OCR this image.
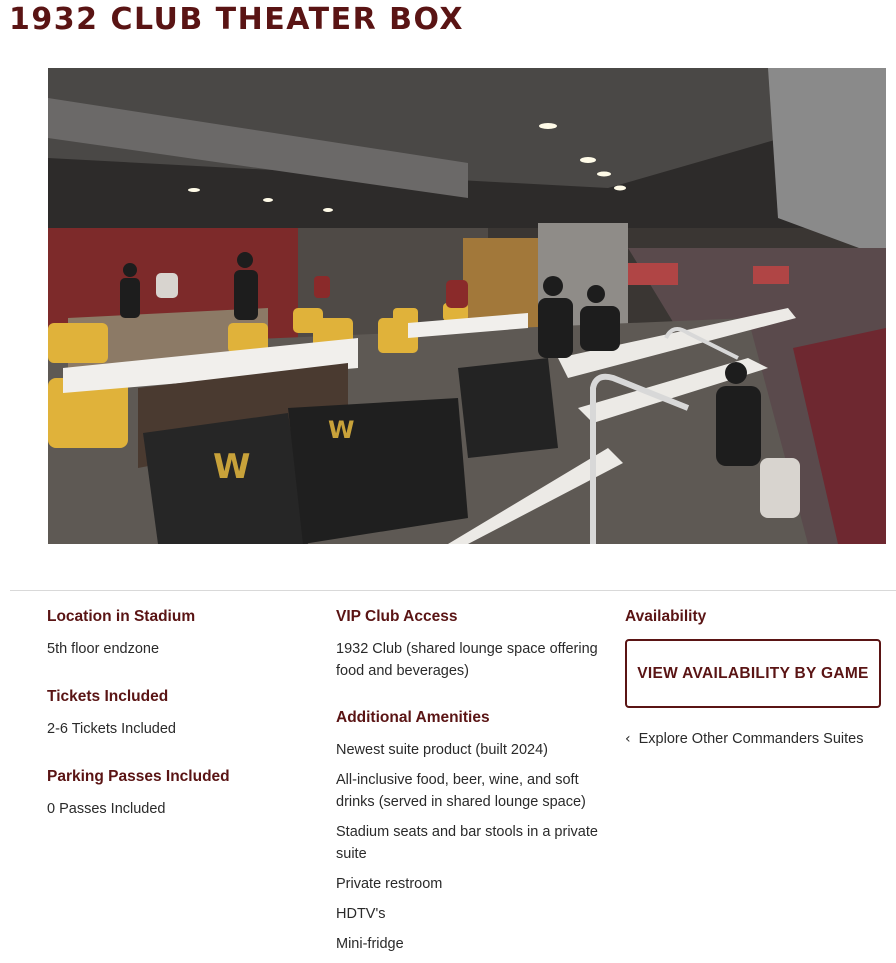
1932 CLUB THEATER BOX
W
W

Location in Stadium

5th floor endzone

Tickets Included

2-6 Tickets Included

Parking Passes Included

0 Passes Included

VIP Club Access

1932 Club (shared lounge space offering food and beverages)

Additional Amenities

Newest suite product (built 2024)
All-inclusive food, beer, wine, and soft drinks (served in shared lounge space)
Stadium seats and bar stools in a private suite
Private restroom
HDTV's
Mini-fridge

Availability

VIEW AVAILABILITY BY GAME
‹ Explore Other Commanders Suites
